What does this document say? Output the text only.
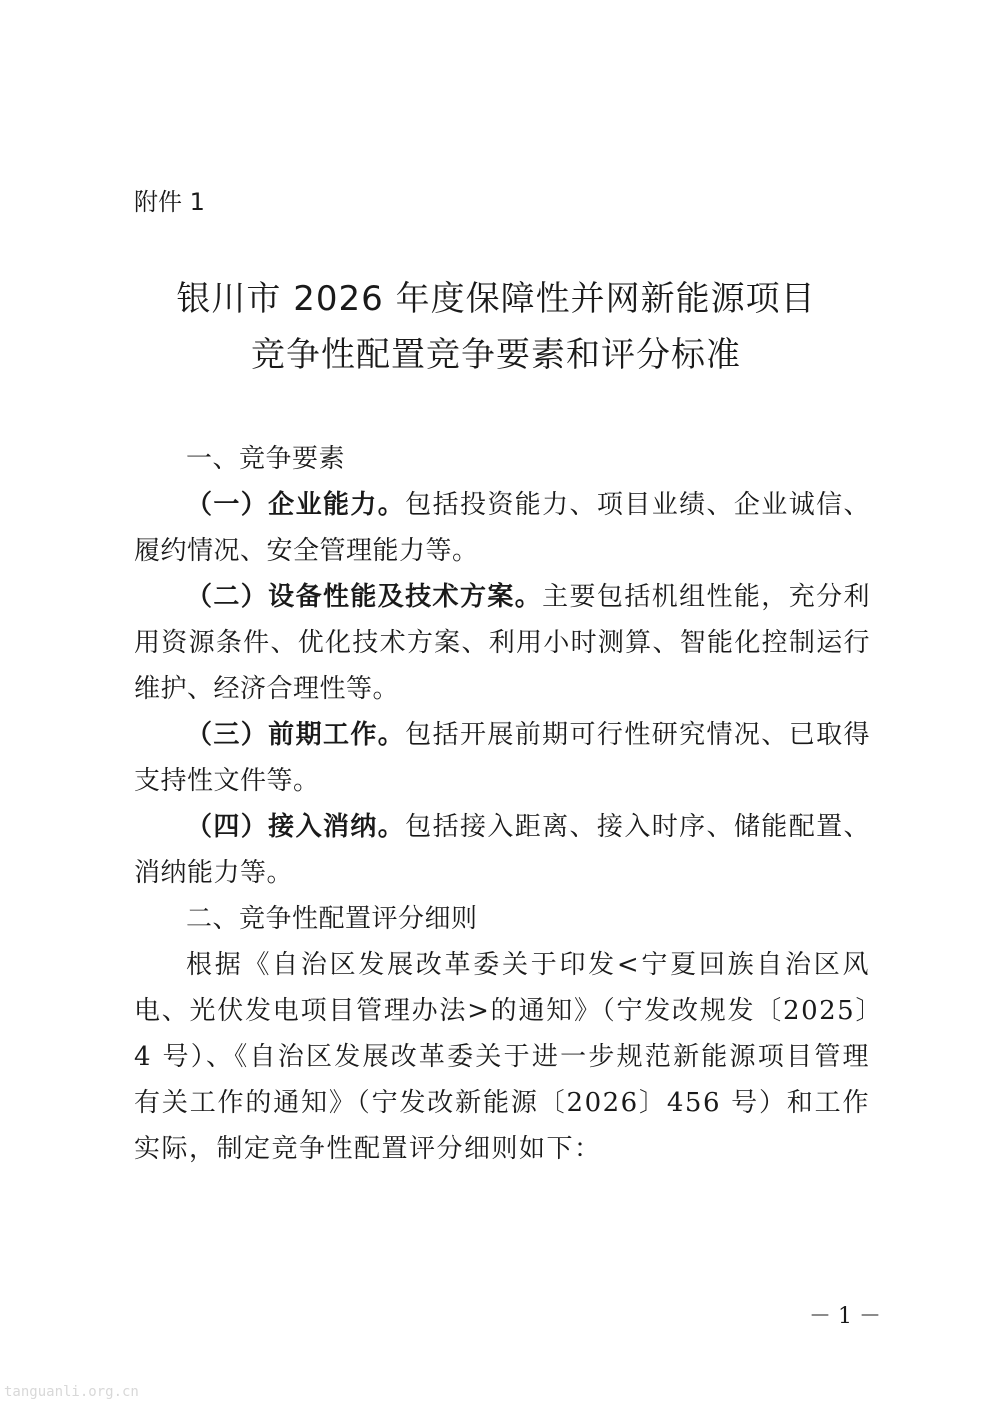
附件 1
银川市 2026 年度保障性并网新能源项目
竞争性配置竞争要素和评分标准

一、竞争要素

（一）企业能力。包括投资能力、项目业绩、企业诚信、履约情况、安全管理能力等。

（二）设备性能及技术方案。主要包括机组性能，充分利用资源条件、优化技术方案、利用小时测算、智能化控制运行维护、经济合理性等。

（三）前期工作。包括开展前期可行性研究情况、已取得支持性文件等。

（四）接入消纳。包括接入距离、接入时序、储能配置、消纳能力等。

二、竞争性配置评分细则

根据《自治区发展改革委关于印发<宁夏回族自治区风电、光伏发电项目管理办法>的通知》（宁发改规发〔2025〕4 号）、《自治区发展改革委关于进一步规范新能源项目管理有关工作的通知》（宁发改新能源〔2026〕456 号）和工作实际，制定竞争性配置评分细则如下：

－ 1 －
tanguanli.org.cn
